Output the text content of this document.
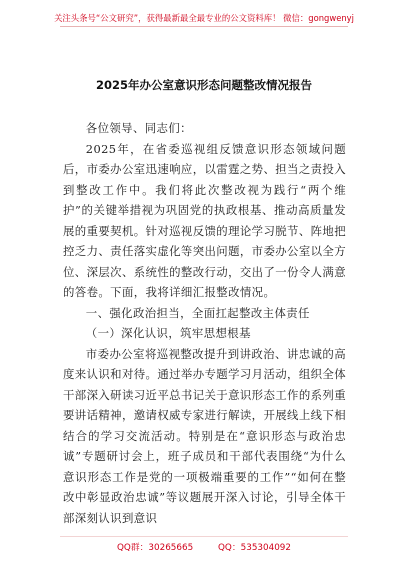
关注头条号“公文研究”，获得最新最全最专业的公文资料库！ 微信：gongwenyj
2025年办公室意识形态问题整改情况报告

各位领导、同志们：

2025年，在省委巡视组反馈意识形态领域问题后，市委办公室迅速响应，以雷霆之势、担当之责投入到整改工作中。我们将此次整改视为践行“两个维护”的关键举措视为巩固党的执政根基、推动高质量发展的重要契机。针对巡视反馈的理论学习脱节、阵地把控乏力、责任落实虚化等突出问题，市委办公室以全方位、深层次、系统性的整改行动，交出了一份令人满意的答卷。下面，我将详细汇报整改情况。

一、强化政治担当，全面扛起整改主体责任

（一）深化认识，筑牢思想根基

市委办公室将巡视整改提升到讲政治、讲忠诚的高度来认识和对待。通过举办专题学习月活动，组织全体干部深入研读习近平总书记关于意识形态工作的系列重要讲话精神，邀请权威专家进行解读，开展线上线下相结合的学习交流活动。特别是在“意识形态与政治忠诚”专题研讨会上，班子成员和干部代表围绕“为什么意识形态工作是党的一项极端重要的工作”“如何在整改中彰显政治忠诚”等议题展开深入讨论，引导全体干部深刻认识到意识

QQ群：30265665	QQ：535304092
